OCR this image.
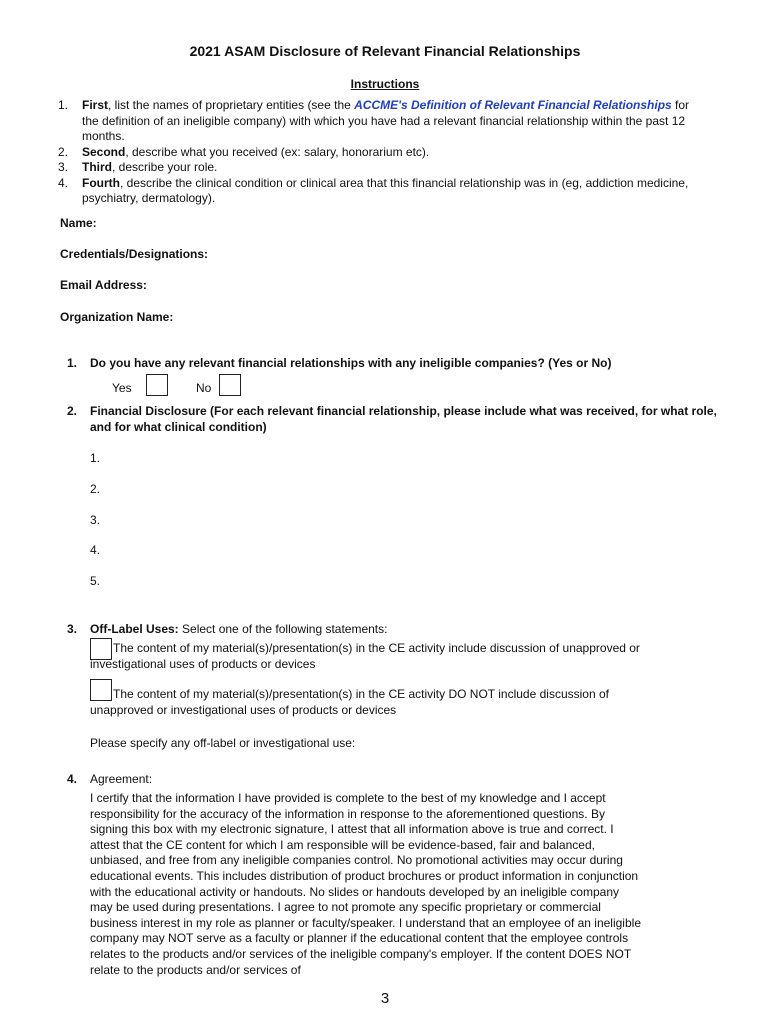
2021 ASAM Disclosure of Relevant Financial Relationships
Instructions
1. First, list the names of proprietary entities (see the ACCME's Definition of Relevant Financial Relationships for the definition of an ineligible company) with which you have had a relevant financial relationship within the past 12 months.
2. Second, describe what you received (ex: salary, honorarium etc).
3. Third, describe your role.
4. Fourth, describe the clinical condition or clinical area that this financial relationship was in (eg, addiction medicine, psychiatry, dermatology).
Name:
Credentials/Designations:
Email Address:
Organization Name:
1. Do you have any relevant financial relationships with any ineligible companies? (Yes or No)
Yes	No
2. Financial Disclosure (For each relevant financial relationship, please include what was received, for what role, and for what clinical condition)
1.
2.
3.
4.
5.
3. Off-Label Uses: Select one of the following statements:
The content of my material(s)/presentation(s) in the CE activity include discussion of unapproved or investigational uses of products or devices
The content of my material(s)/presentation(s) in the CE activity DO NOT include discussion of unapproved or investigational uses of products or devices
Please specify any off-label or investigational use:
4. Agreement:
I certify that the information I have provided is complete to the best of my knowledge and I accept responsibility for the accuracy of the information in response to the aforementioned questions. By signing this box with my electronic signature, I attest that all information above is true and correct. I attest that the CE content for which I am responsible will be evidence-based, fair and balanced, unbiased, and free from any ineligible companies control. No promotional activities may occur during educational events. This includes distribution of product brochures or product information in conjunction with the educational activity or handouts. No slides or handouts developed by an ineligible company may be used during presentations. I agree to not promote any specific proprietary or commercial business interest in my role as planner or faculty/speaker. I understand that an employee of an ineligible company may NOT serve as a faculty or planner if the educational content that the employee controls relates to the products and/or services of the ineligible company's employer. If the content DOES NOT relate to the products and/or services of
3
